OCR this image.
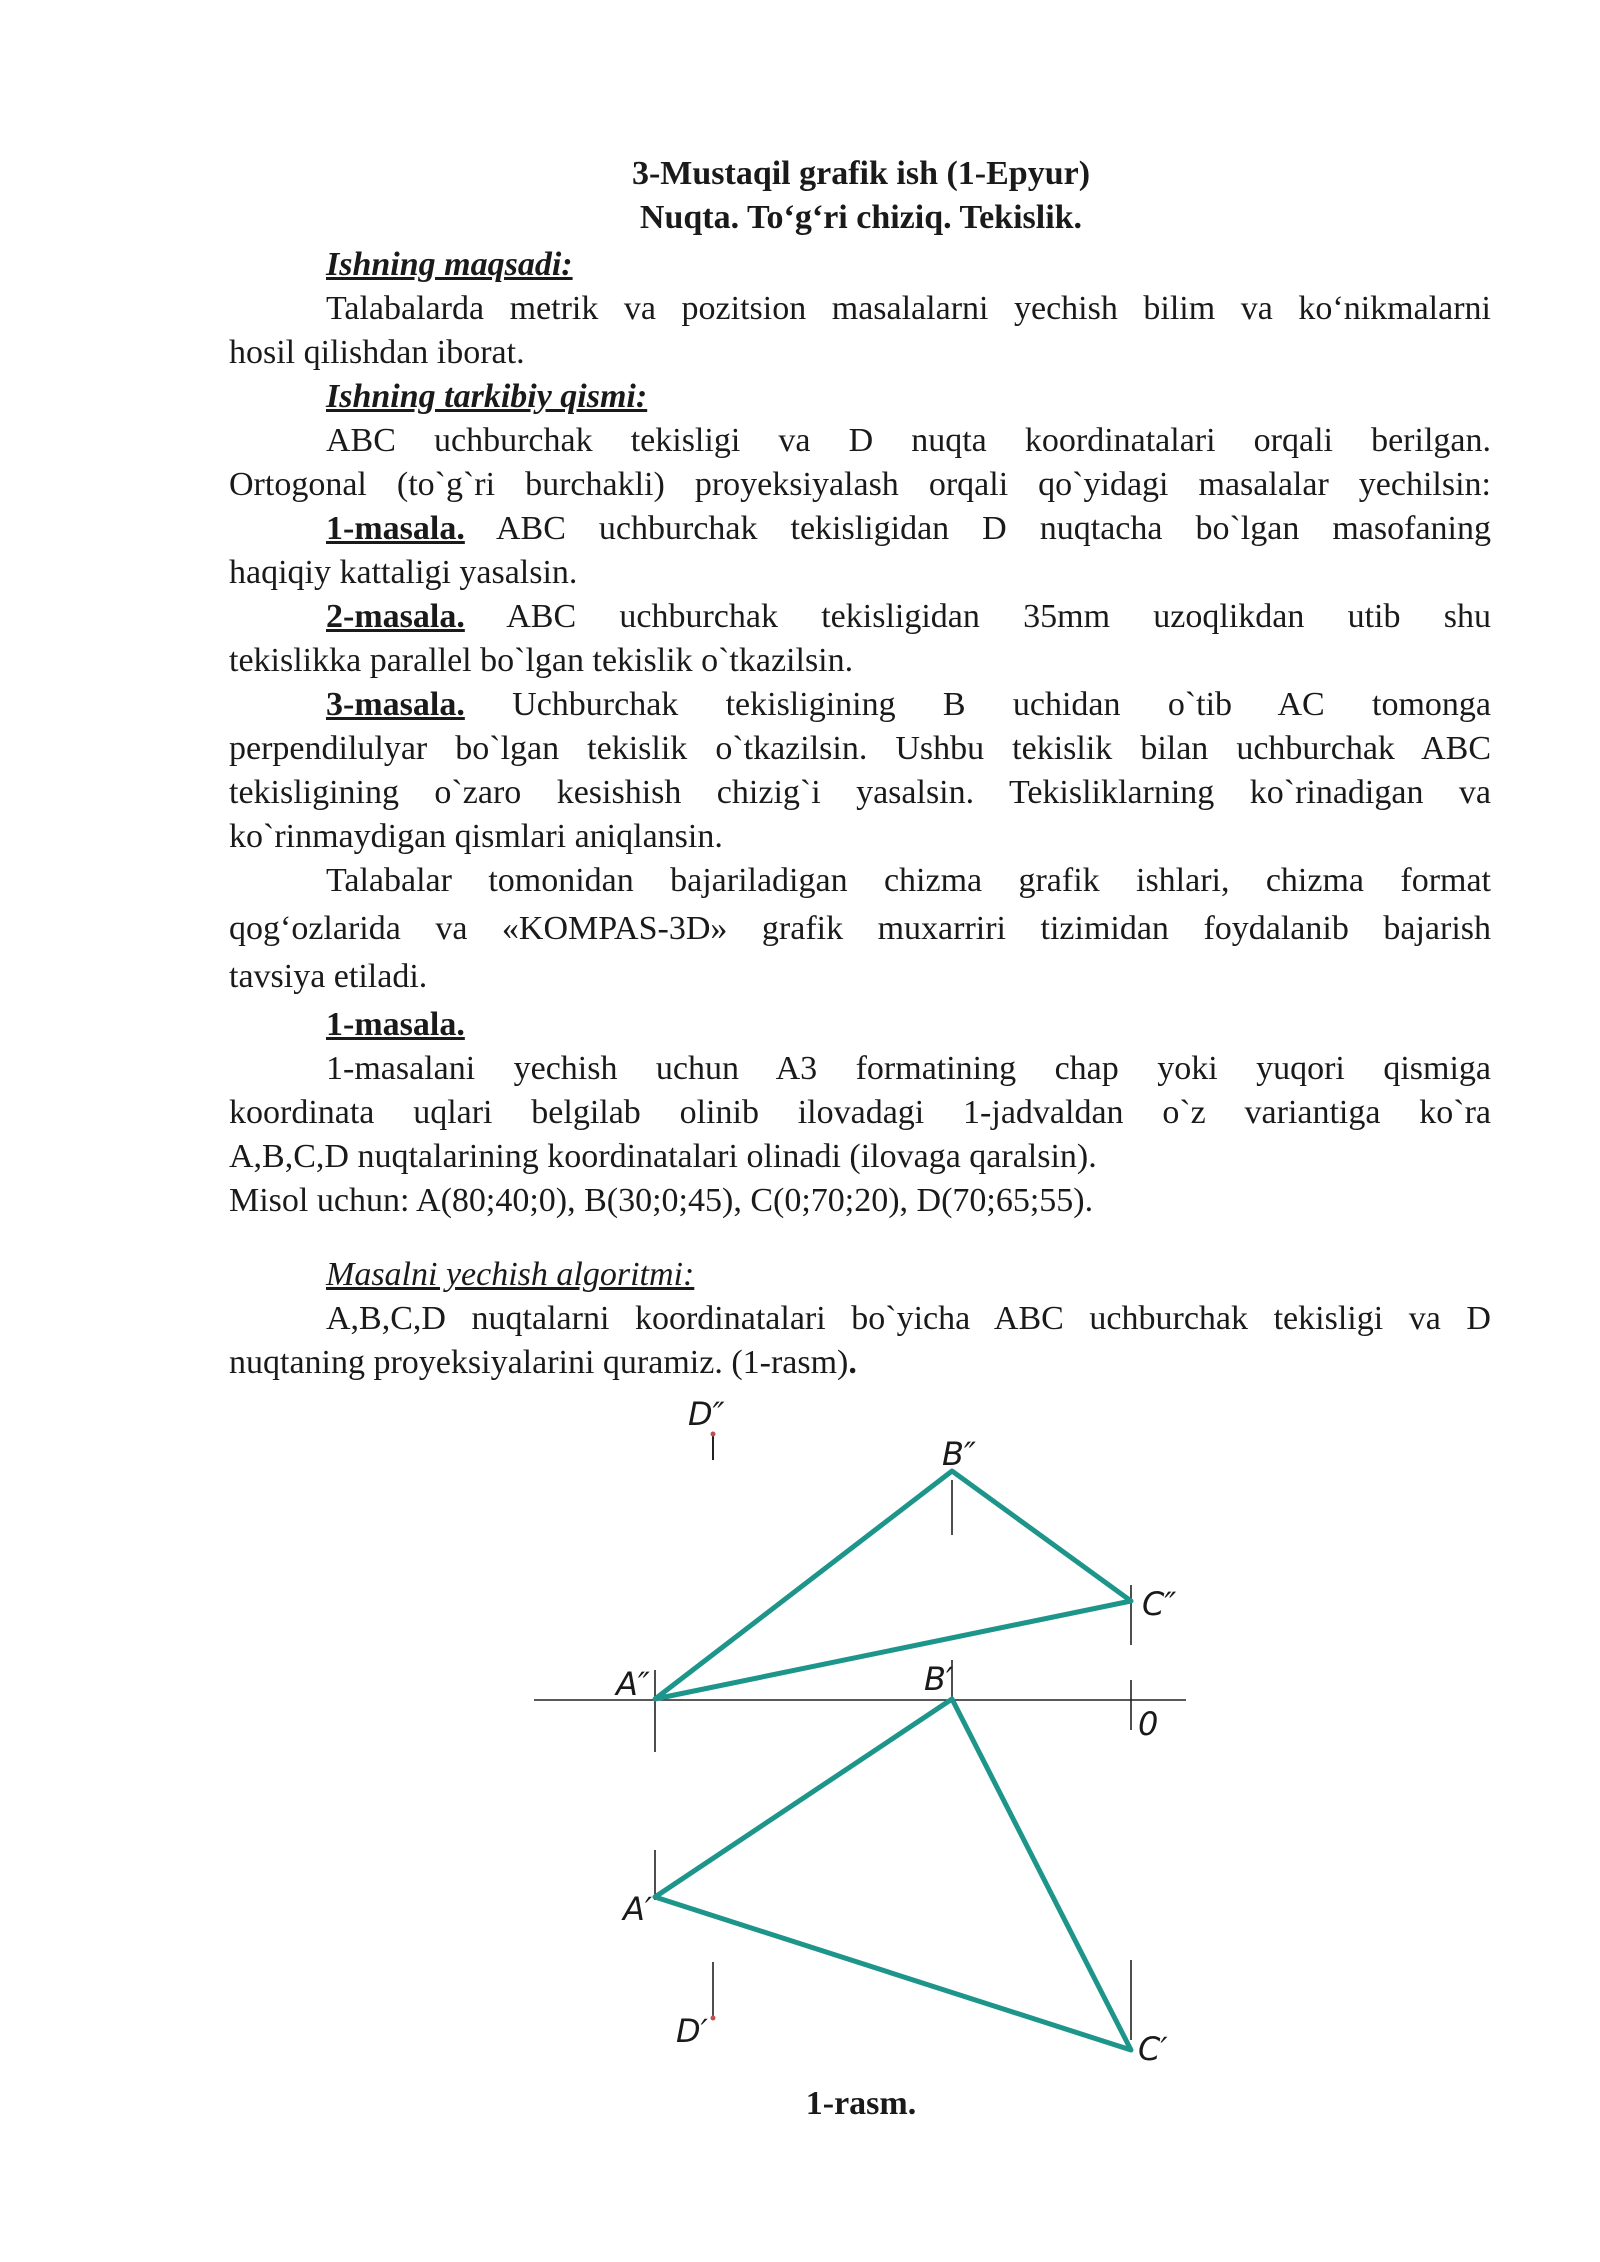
3-Mustaqil grafik ish (1-Epyur)
Nuqta. To‘g‘ri chiziq. Tekislik.
Ishning maqsadi:
Talabalarda metrik va pozitsion masalalarni yechish bilim va ko‘nikmalarni
hosil qilishdan iborat.
Ishning tarkibiy qismi:
ABC uchburchak tekisligi va D nuqta koordinatalari orqali berilgan.
Ortogonal (to`g`ri burchakli) proyeksiyalash orqali qo`yidagi masalalar yechilsin:
1-masala. ABC uchburchak tekisligidan D nuqtacha bo`lgan masofaning
haqiqiy kattaligi yasalsin.
2-masala. ABC uchburchak tekisligidan 35mm uzoqlikdan utib shu
tekislikka parallel bo`lgan tekislik o`tkazilsin.
3-masala. Uchburchak tekisligining B uchidan o`tib AC tomonga
perpendilulyar bo`lgan tekislik o`tkazilsin. Ushbu tekislik bilan uchburchak ABC
tekisligining o`zaro kesishish chizig`i yasalsin. Tekisliklarning ko`rinadigan va
ko`rinmaydigan qismlari aniqlansin.
Talabalar tomonidan bajariladigan chizma grafik ishlari, chizma format
qog‘ozlarida va «KOMPAS-3D» grafik muxarriri tizimidan foydalanib bajarish
tavsiya etiladi.
1-masala.
1-masalani yechish uchun A3 formatining chap yoki yuqori qismiga
koordinata uqlari belgilab olinib ilovadagi 1-jadvaldan o`z variantiga ko`ra
A,B,C,D nuqtalarining koordinatalari olinadi (ilovaga qaralsin).
Misol uchun: A(80;40;0), B(30;0;45), C(0;70;20), D(70;65;55).
Masalni yechish algoritmi:
A,B,C,D nuqtalarni koordinatalari bo`yicha ABC uchburchak tekisligi va D
nuqtaning proyeksiyalarini quramiz. (1-rasm).
D″
B″
C″
A″	B′
0
A′
D′	C′
1-rasm.
